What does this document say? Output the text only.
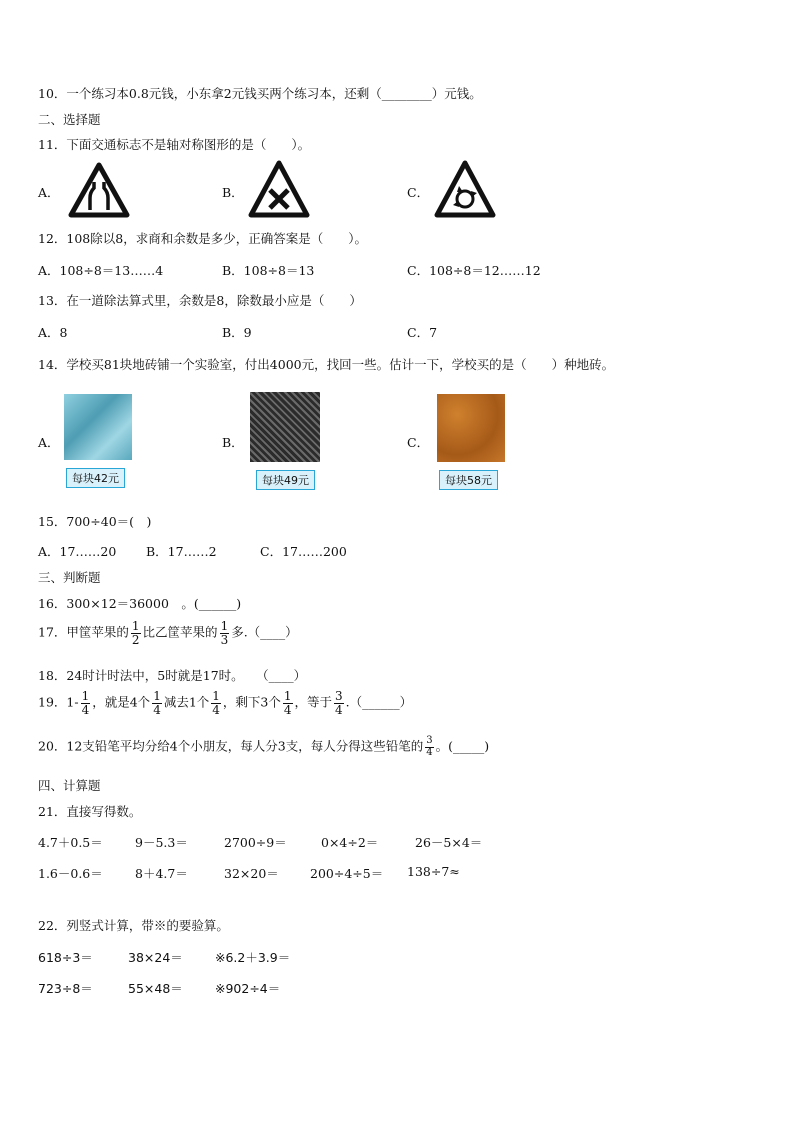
10．一个练习本0.8元钱，小东拿2元钱买两个练习本，还剩（________）元钱。
二、选择题
11．下面交通标志不是轴对称图形的是（　　）。
A．	B．	C．
12．108除以8，求商和余数是多少，正确答案是（　　）。
A．108÷8＝13……4	B．108÷8＝13	C．108÷8＝12……12
13．在一道除法算式里，余数是8，除数最小应是（　　）
A．8	B．9	C．7
14．学校买81块地砖铺一个实验室，付出4000元，找回一些。估计一下，学校买的是（　　）种地砖。
A．
每块42元
B．
每块49元
C．
每块58元
15．700÷40＝(　)
A．17……20 B．17……2	C．17……200
三、判断题
16．300×12＝36000　。(______)
17．甲筐苹果的 $\frac{1}{2}$ 比乙筐苹果的 $\frac{1}{3}$ 多.（____）
18．24时计时法中，5时就是17时。　　（____）
19．$1- \frac{1}{4}$ ，就是4个 $\frac{1}{4}$ 减去1个 $\frac{1}{4}$ ，剩下3个 $\frac{1}{4}$ ，等于 $\frac{3}{4}$ .（______）
20．12支铅笔平均分给4个小朋友，每人分3支，每人分得这些铅笔的 $\frac{3}{4}$ 。(_____)
四、计算题
21．直接写得数。
4.7＋0.5＝	9－5.3＝	2700÷9＝	0×4÷2＝	26－5×4＝
1.6－0.6＝	8＋4.7＝	32×20＝ 200÷4÷5＝ 138÷7≈
22．列竖式计算，带※的要验算。
618÷3＝	38×24＝	※6.2＋3.9＝
723÷8＝	55×48＝	※902÷4＝
